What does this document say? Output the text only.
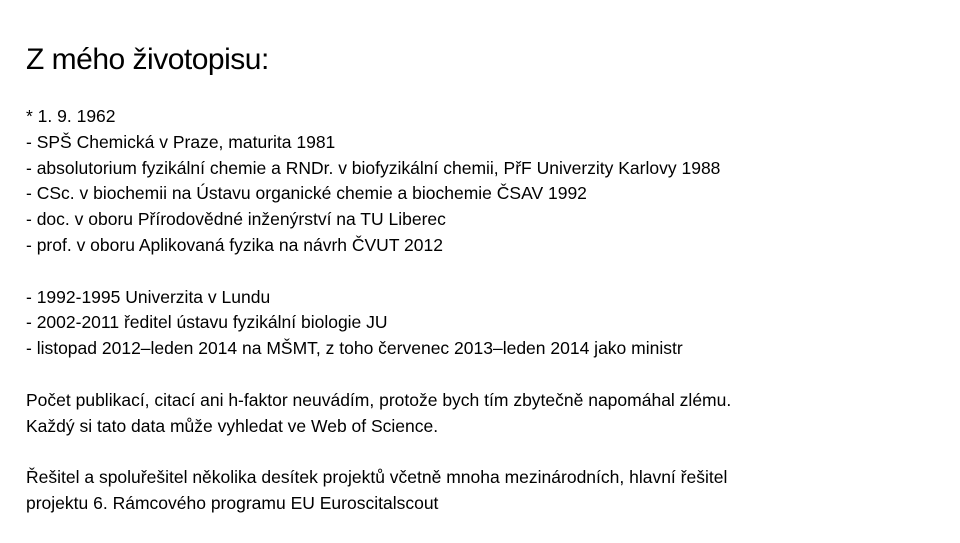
Z mého životopisu:

* 1. 9. 1962
- SPŠ Chemická v Praze, maturita 1981
- absolutorium fyzikální chemie a RNDr. v biofyzikální chemii, PřF Univerzity Karlovy 1988
- CSc. v biochemii na Ústavu organické chemie a biochemie ČSAV 1992
- doc. v oboru Přírodovědné inženýrství na TU Liberec
- prof. v oboru Aplikovaná fyzika na návrh ČVUT 2012

- 1992-1995 Univerzita v Lundu
- 2002-2011 ředitel ústavu fyzikální biologie JU
- listopad 2012–leden 2014 na MŠMT, z toho červenec 2013–leden 2014 jako ministr

Počet publikací, citací ani h-faktor neuvádím, protože bych tím zbytečně napomáhal zlému.
Každý si tato data může vyhledat ve Web of Science.

Řešitel a spoluřešitel několika desítek projektů včetně mnoha mezinárodních, hlavní řešitel
projektu 6. Rámcového programu EU Euroscitalscout
